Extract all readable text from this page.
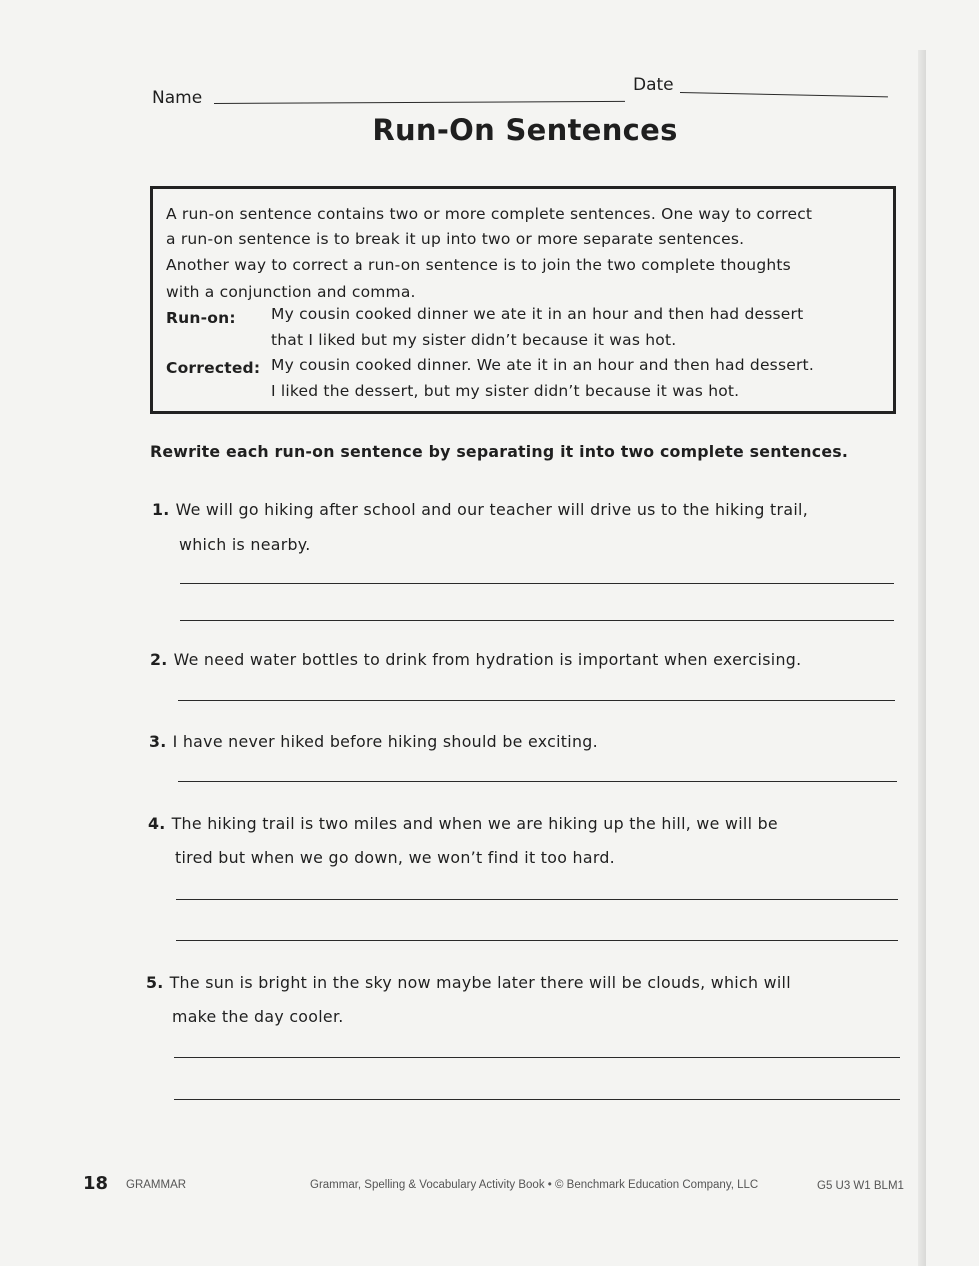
Name
Date
Run-On Sentences
A run-on sentence contains two or more complete sentences. One way to correct
a run-on sentence is to break it up into two or more separate sentences.
Another way to correct a run-on sentence is to join the two complete thoughts
with a conjunction and comma.
Run-on: My cousin cooked dinner we ate it in an hour and then had dessert
that I liked but my sister didn’t because it was hot.
Corrected: My cousin cooked dinner. We ate it in an hour and then had dessert.
I liked the dessert, but my sister didn’t because it was hot.
Rewrite each run-on sentence by separating it into two complete sentences.
1. We will go hiking after school and our teacher will drive us to the hiking trail,
which is nearby.
2. We need water bottles to drink from hydration is important when exercising.
3. I have never hiked before hiking should be exciting.
4. The hiking trail is two miles and when we are hiking up the hill, we will be
tired but when we go down, we won’t find it too hard.
5. The sun is bright in the sky now maybe later there will be clouds, which will
make the day cooler.
18 GRAMMAR	Grammar, Spelling & Vocabulary Activity Book • © Benchmark Education Company, LLC	G5 U3 W1 BLM1
